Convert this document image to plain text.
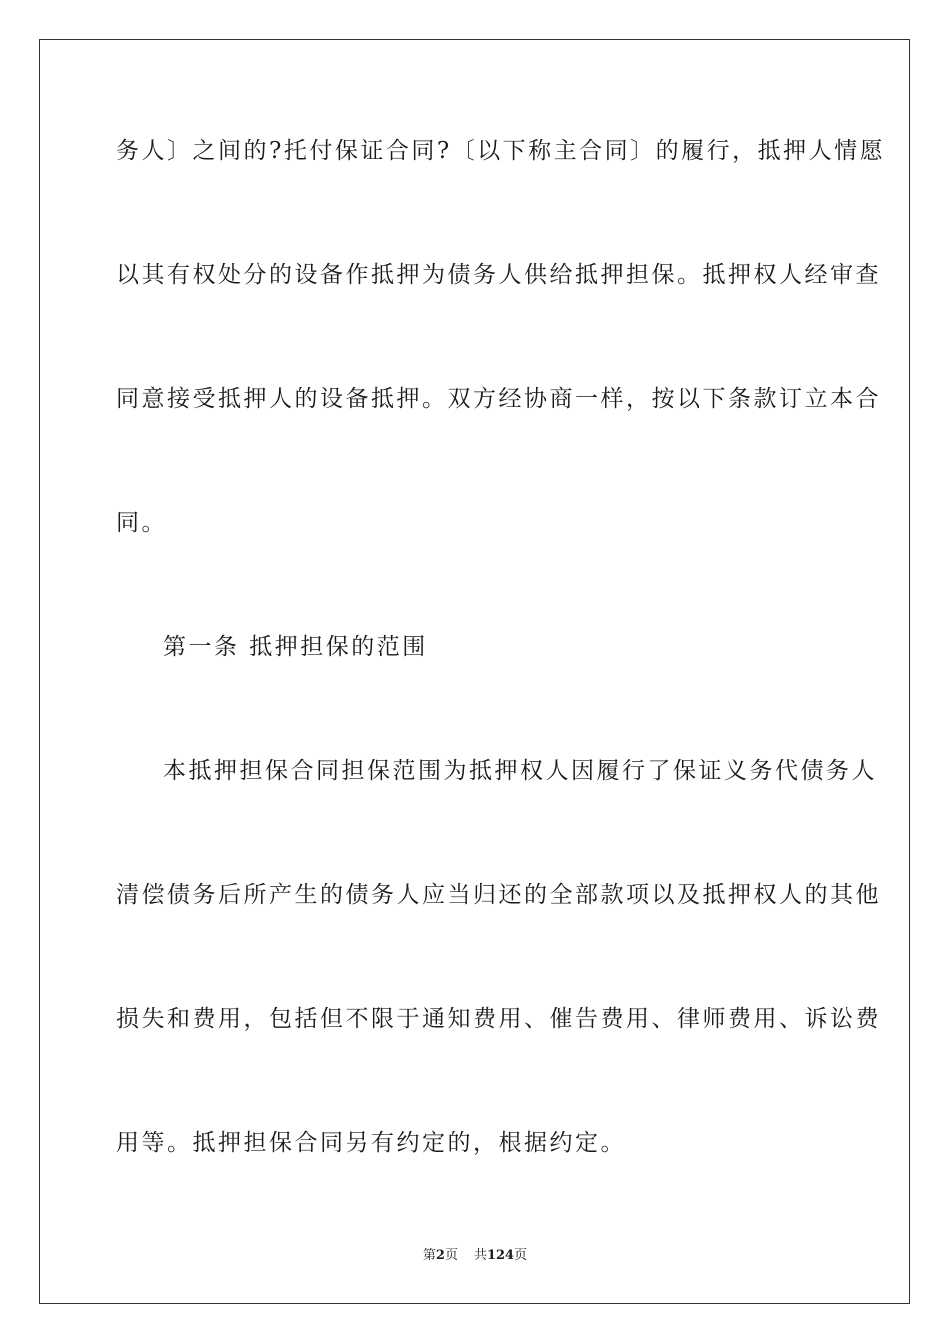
务人〕之间的?托付保证合同?〔以下称主合同〕的履行，抵押人情愿
以其有权处分的设备作抵押为债务人供给抵押担保。抵押权人经审查
同意接受抵押人的设备抵押。双方经协商一样，按以下条款订立本合
同。
第一条 抵押担保的范围
本抵押担保合同担保范围为抵押权人因履行了保证义务代债务人
清偿债务后所产生的债务人应当归还的全部款项以及抵押权人的其他
损失和费用，包括但不限于通知费用、催告费用、律师费用、诉讼费
用等。抵押担保合同另有约定的，根据约定。
第2页 共124页
